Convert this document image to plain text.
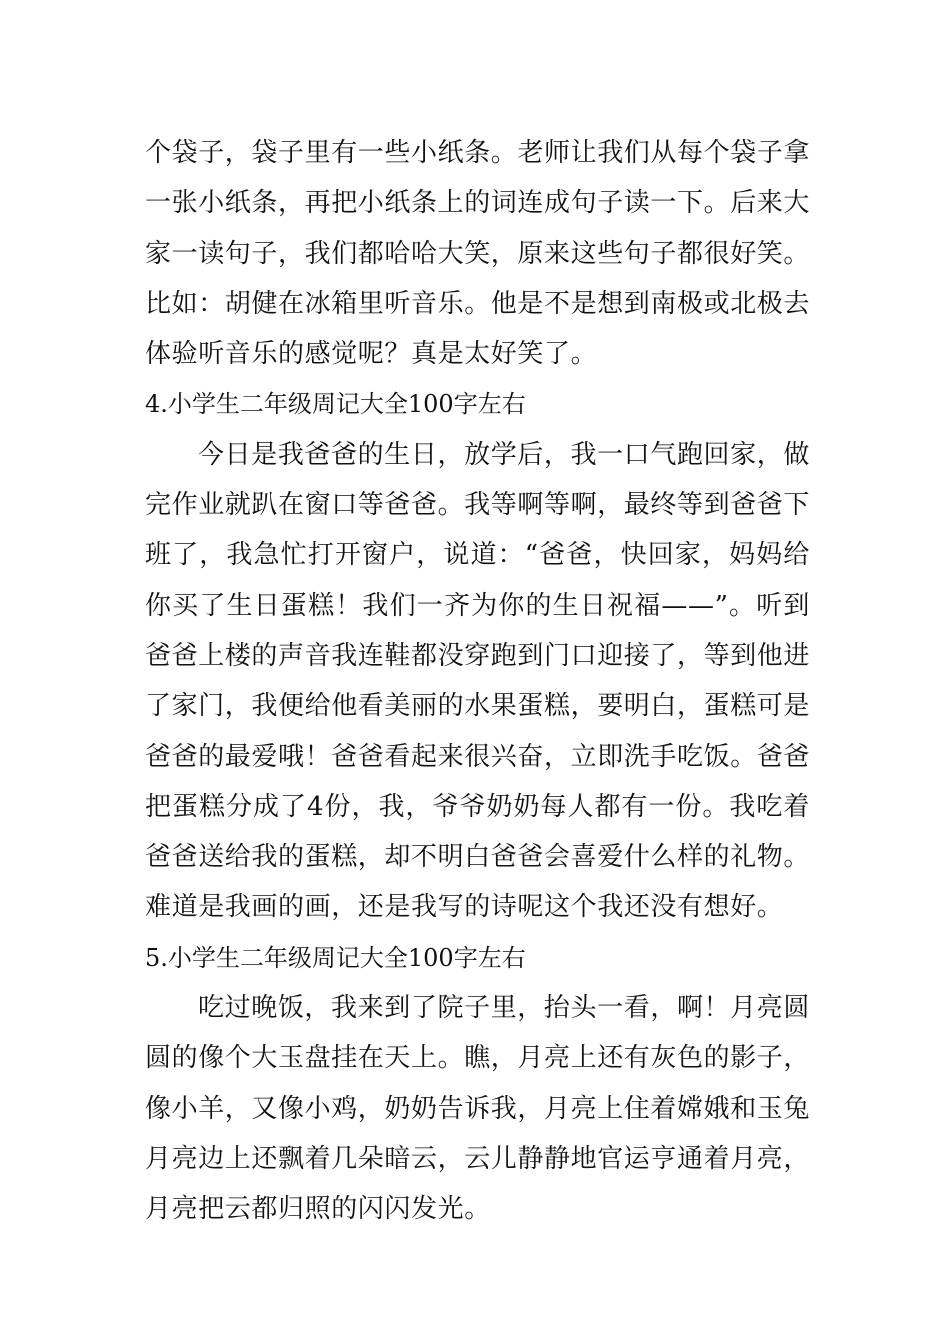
个袋子，袋子里有一些小纸条。老师让我们从每个袋子拿一张小纸条，再把小纸条上的词连成句子读一下。后来大家一读句子，我们都哈哈大笑，原来这些句子都很好笑。比如：胡健在冰箱里听音乐。他是不是想到南极或北极去体验听音乐的感觉呢？真是太好笑了。

4.小学生二年级周记大全100字左右

今日是我爸爸的生日，放学后，我一口气跑回家，做完作业就趴在窗口等爸爸。我等啊等啊，最终等到爸爸下班了，我急忙打开窗户，说道：“爸爸，快回家，妈妈给你买了生日蛋糕！我们一齐为你的生日祝福——”。听到爸爸上楼的声音我连鞋都没穿跑到门口迎接了，等到他进了家门，我便给他看美丽的水果蛋糕，要明白，蛋糕可是爸爸的最爱哦！爸爸看起来很兴奋，立即洗手吃饭。爸爸把蛋糕分成了4份，我，爷爷奶奶每人都有一份。我吃着爸爸送给我的蛋糕，却不明白爸爸会喜爱什么样的礼物。难道是我画的画，还是我写的诗呢这个我还没有想好。

5.小学生二年级周记大全100字左右

吃过晚饭，我来到了院子里，抬头一看，啊！月亮圆圆的像个大玉盘挂在天上。瞧，月亮上还有灰色的影子，像小羊，又像小鸡，奶奶告诉我，月亮上住着嫦娥和玉兔月亮边上还飘着几朵暗云，云儿静静地官运亨通着月亮，月亮把云都归照的闪闪发光。
